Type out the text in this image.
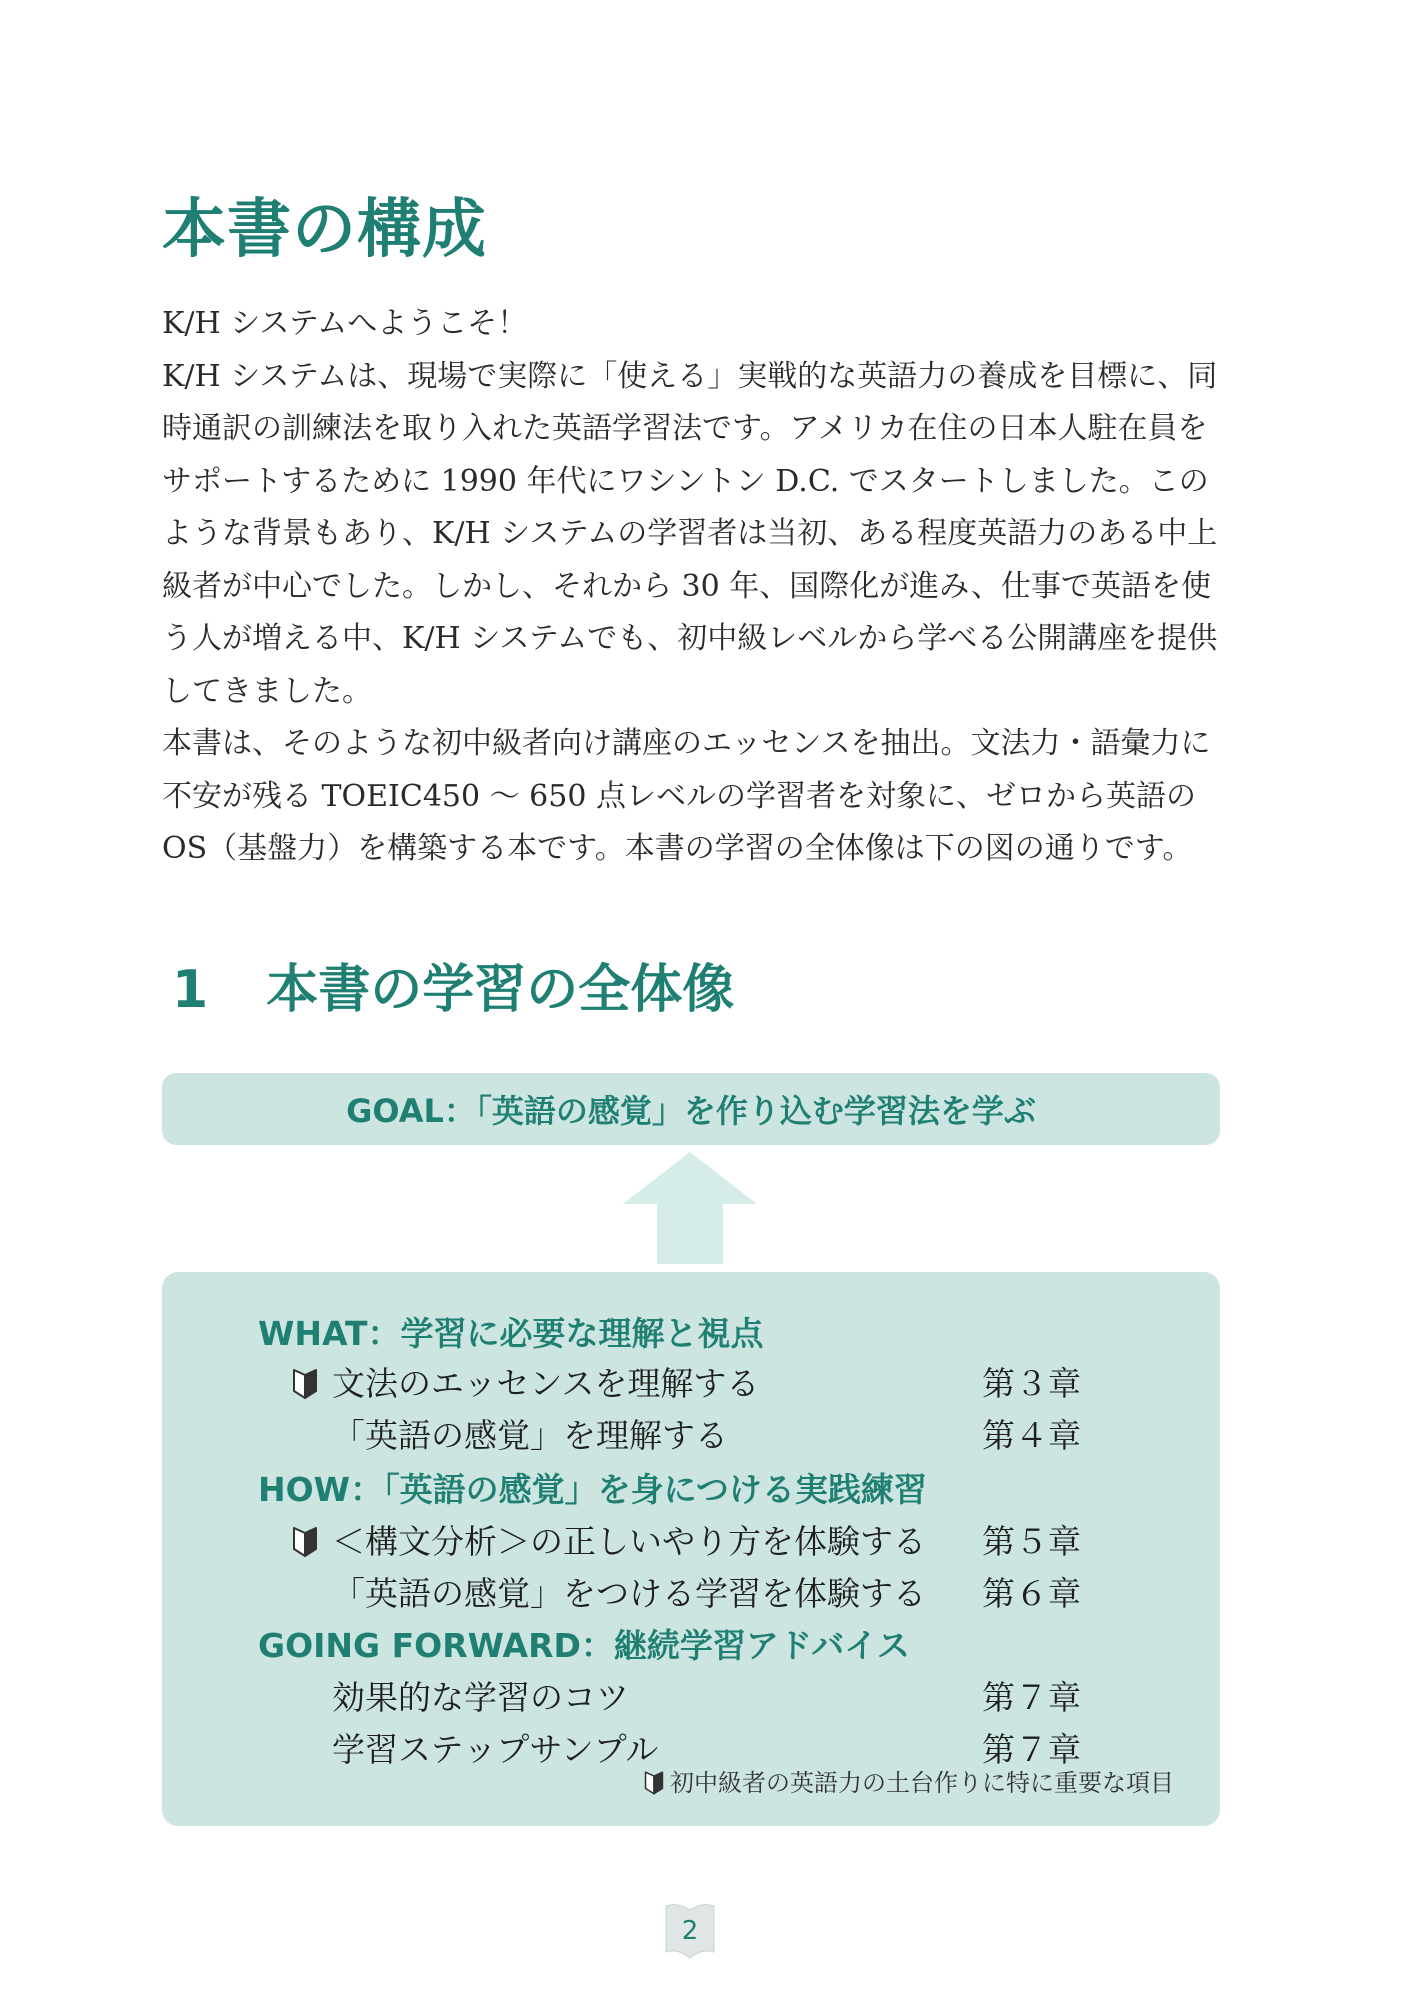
本書の構成

K/H システムへようこそ！

K/H システムは、現場で実際に「使える」実戦的な英語力の養成を目標に、同時通訳の訓練法を取り入れた英語学習法です。アメリカ在住の日本人駐在員をサポートするために 1990 年代にワシントン D.C. でスタートしました。このような背景もあり、K/H システムの学習者は当初、ある程度英語力のある中上級者が中心でした。しかし、それから 30 年、国際化が進み、仕事で英語を使う人が増える中、K/H システムでも、初中級レベルから学べる公開講座を提供してきました。

本書は、そのような初中級者向け講座のエッセンスを抽出。文法力・語彙力に不安が残る TOEIC450 ～ 650 点レベルの学習者を対象に、ゼロから英語の OS（基盤力）を構築する本です。本書の学習の全体像は下の図の通りです。

1 本書の学習の全体像
GOAL：「英語の感覚」を作り込む学習法を学ぶ
WHAT：学習に必要な理解と視点
文法のエッセンスを理解する	第３章
「英語の感覚」を理解する	第４章
HOW：「英語の感覚」を身につける実践練習
＜構文分析＞の正しいやり方を体験する 第５章
「英語の感覚」をつける学習を体験する 第６章
GOING FORWARD：継続学習アドバイス
効果的な学習のコツ	第７章
学習ステップサンプル	第７章
初中級者の英語力の土台作りに特に重要な項目
2
